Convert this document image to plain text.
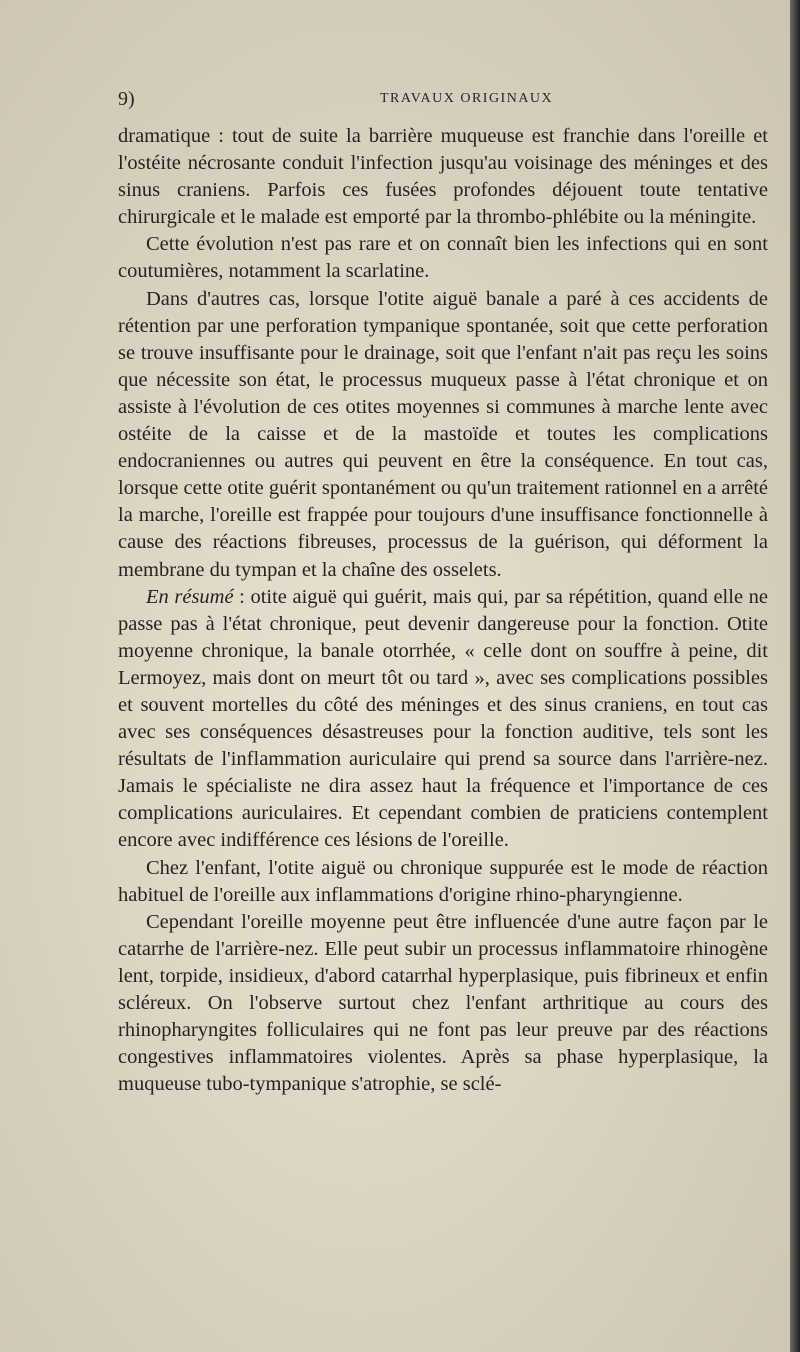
9)	TRAVAUX ORIGINAUX

dramatique : tout de suite la barrière muqueuse est franchie dans l'oreille et l'ostéite nécrosante conduit l'infection jusqu'au voisinage des méninges et des sinus craniens. Parfois ces fusées profondes déjouent toute tentative chirurgicale et le malade est emporté par la thrombo-phlébite ou la méningite.

Cette évolution n'est pas rare et on connaît bien les infections qui en sont coutumières, notamment la scarlatine.

Dans d'autres cas, lorsque l'otite aiguë banale a paré à ces accidents de rétention par une perforation tympanique spontanée, soit que cette perforation se trouve insuffisante pour le drainage, soit que l'enfant n'ait pas reçu les soins que nécessite son état, le processus muqueux passe à l'état chronique et on assiste à l'évolution de ces otites moyennes si communes à marche lente avec ostéite de la caisse et de la mastoïde et toutes les complications endocraniennes ou autres qui peuvent en être la conséquence. En tout cas, lorsque cette otite guérit spontanément ou qu'un traitement rationnel en a arrêté la marche, l'oreille est frappée pour toujours d'une insuffisance fonctionnelle à cause des réactions fibreuses, processus de la guérison, qui déforment la membrane du tympan et la chaîne des osselets.

En résumé : otite aiguë qui guérit, mais qui, par sa répétition, quand elle ne passe pas à l'état chronique, peut devenir dangereuse pour la fonction. Otite moyenne chronique, la banale otorrhée, « celle dont on souffre à peine, dit Lermoyez, mais dont on meurt tôt ou tard », avec ses complications possibles et souvent mortelles du côté des méninges et des sinus craniens, en tout cas avec ses conséquences désastreuses pour la fonction auditive, tels sont les résultats de l'inflammation auriculaire qui prend sa source dans l'arrière-nez. Jamais le spécialiste ne dira assez haut la fréquence et l'importance de ces complications auriculaires. Et cependant combien de praticiens contemplent encore avec indifférence ces lésions de l'oreille.

Chez l'enfant, l'otite aiguë ou chronique suppurée est le mode de réaction habituel de l'oreille aux inflammations d'origine rhino-pharyngienne.

Cependant l'oreille moyenne peut être influencée d'une autre façon par le catarrhe de l'arrière-nez. Elle peut subir un processus inflammatoire rhinogène lent, torpide, insidieux, d'abord catarrhal hyperplasique, puis fibrineux et enfin scléreux. On l'observe surtout chez l'enfant arthritique au cours des rhinopharyngites folliculaires qui ne font pas leur preuve par des réactions congestives inflammatoires violentes. Après sa phase hyperplasique, la muqueuse tubo-tympanique s'atrophie, se sclé-
